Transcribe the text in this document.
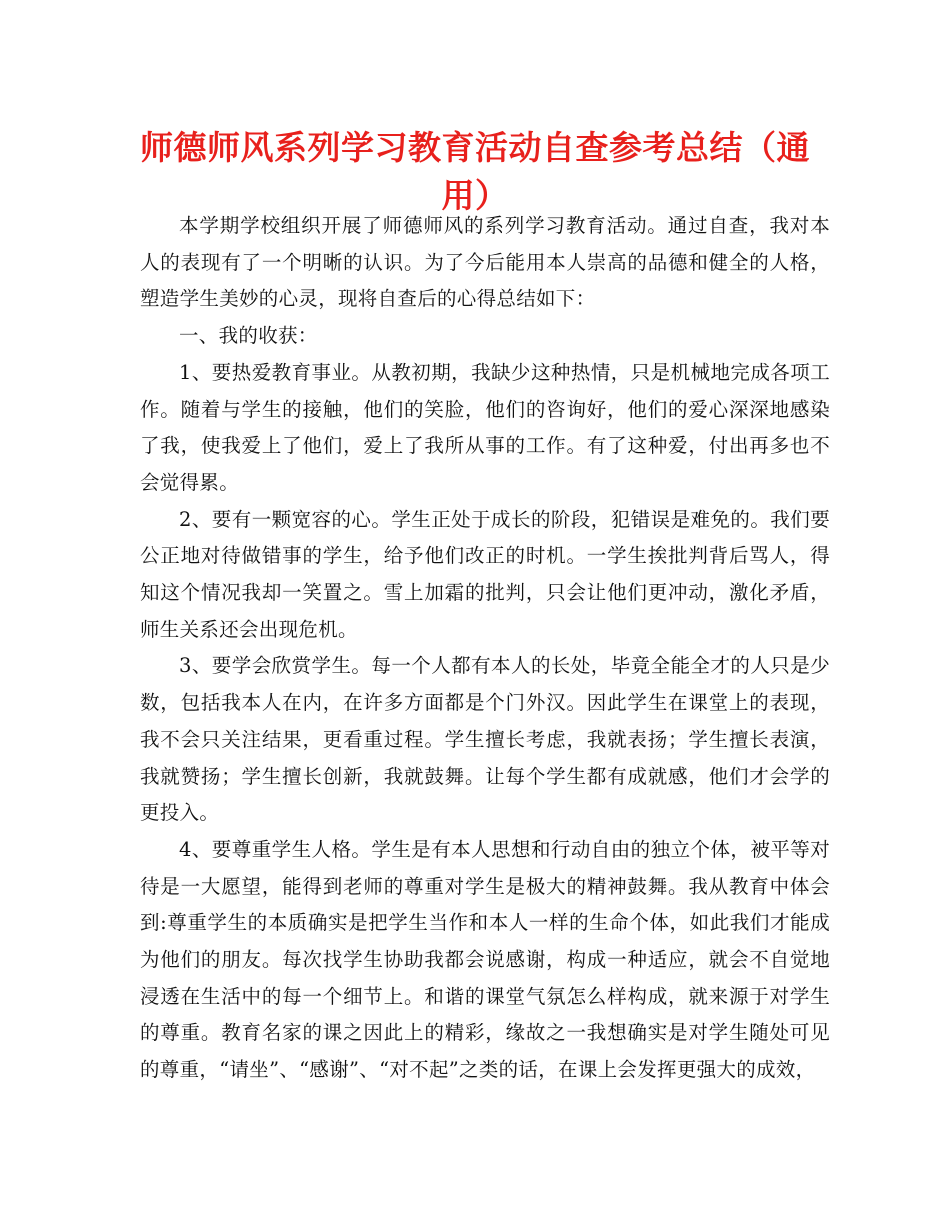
师德师风系列学习教育活动自查参考总结（通用）

本学期学校组织开展了师德师风的系列学习教育活动。通过自查，我对本人的表现有了一个明晰的认识。为了今后能用本人崇高的品德和健全的人格，塑造学生美妙的心灵，现将自查后的心得总结如下：

一、我的收获：

1、要热爱教育事业。从教初期，我缺少这种热情，只是机械地完成各项工作。随着与学生的接触，他们的笑脸，他们的咨询好，他们的爱心深深地感染了我，使我爱上了他们，爱上了我所从事的工作。有了这种爱，付出再多也不会觉得累。

2、要有一颗宽容的心。学生正处于成长的阶段，犯错误是难免的。我们要公正地对待做错事的学生，给予他们改正的时机。一学生挨批判背后骂人，得知这个情况我却一笑置之。雪上加霜的批判，只会让他们更冲动，激化矛盾，师生关系还会出现危机。

3、要学会欣赏学生。每一个人都有本人的长处，毕竟全能全才的人只是少数，包括我本人在内，在许多方面都是个门外汉。因此学生在课堂上的表现，我不会只关注结果，更看重过程。学生擅长考虑，我就表扬；学生擅长表演，我就赞扬；学生擅长创新，我就鼓舞。让每个学生都有成就感，他们才会学的更投入。

4、要尊重学生人格。学生是有本人思想和行动自由的独立个体，被平等对待是一大愿望，能得到老师的尊重对学生是极大的精神鼓舞。我从教育中体会到:尊重学生的本质确实是把学生当作和本人一样的生命个体，如此我们才能成为他们的朋友。每次找学生协助我都会说感谢，构成一种适应，就会不自觉地浸透在生活中的每一个细节上。和谐的课堂气氛怎么样构成，就来源于对学生的尊重。教育名家的课之因此上的精彩，缘故之一我想确实是对学生随处可见的尊重，“请坐”、“感谢”、“对不起”之类的话，在课上会发挥更强大的成效，
